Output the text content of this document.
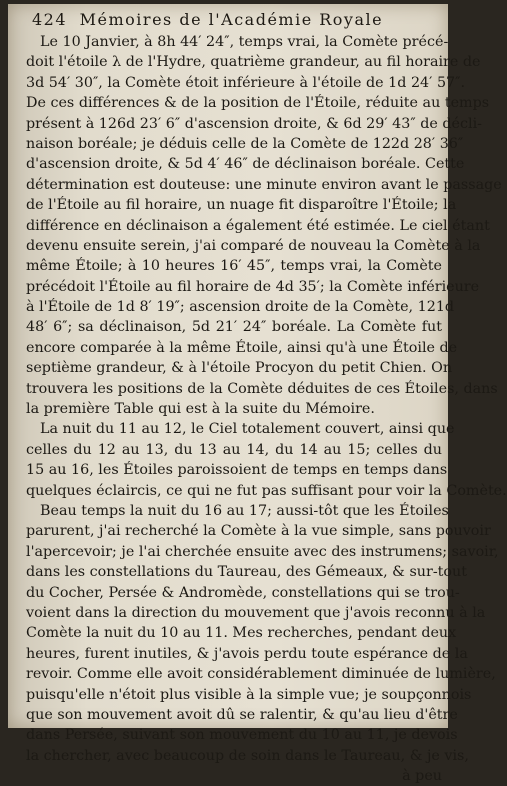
424 Mémoires de l'Académie Royale
Le 10 Janvier, à 8h 44′ 24″, temps vrai, la Comète précé-
doit l'étoile λ de l'Hydre, quatrième grandeur, au fil horaire de
3d 54′ 30″, la Comète étoit inférieure à l'étoile de 1d 24′ 57″.
De ces différences & de la position de l'Étoile, réduite au temps
présent à 126d 23′ 6″ d'ascension droite, & 6d 29′ 43″ de décli-
naison boréale; je déduis celle de la Comète de 122d 28′ 36″
d'ascension droite, & 5d 4′ 46″ de déclinaison boréale. Cette
détermination est douteuse: une minute environ avant le passage
de l'Étoile au fil horaire, un nuage fit disparoître l'Étoile; la
différence en déclinaison a également été estimée. Le ciel étant
devenu ensuite serein, j'ai comparé de nouveau la Comète à la
même Étoile; à 10 heures 16′ 45″, temps vrai, la Comète
précédoit l'Étoile au fil horaire de 4d 35′; la Comète inférieure
à l'Étoile de 1d 8′ 19″; ascension droite de la Comète, 121d
48′ 6″; sa déclinaison, 5d 21′ 24″ boréale. La Comète fut
encore comparée à la même Étoile, ainsi qu'à une Étoile de
septième grandeur, & à l'étoile Procyon du petit Chien. On
trouvera les positions de la Comète déduites de ces Étoiles, dans
la première Table qui est à la suite du Mémoire.
La nuit du 11 au 12, le Ciel totalement couvert, ainsi que
celles du 12 au 13, du 13 au 14, du 14 au 15; celles du
15 au 16, les Étoiles paroissoient de temps en temps dans
quelques éclaircis, ce qui ne fut pas suffisant pour voir la Comète.
Beau temps la nuit du 16 au 17; aussi-tôt que les Étoiles
parurent, j'ai recherché la Comète à la vue simple, sans pouvoir
l'apercevoir; je l'ai cherchée ensuite avec des instrumens; savoir,
dans les constellations du Taureau, des Gémeaux, & sur-tout
du Cocher, Persée & Andromède, constellations qui se trou-
voient dans la direction du mouvement que j'avois reconnu à la
Comète la nuit du 10 au 11. Mes recherches, pendant deux
heures, furent inutiles, & j'avois perdu toute espérance de la
revoir. Comme elle avoit considérablement diminuée de lumière,
puisqu'elle n'étoit plus visible à la simple vue; je soupçonnois
que son mouvement avoit dû se ralentir, & qu'au lieu d'être
dans Persée, suivant son mouvement du 10 au 11, je devois
la chercher, avec beaucoup de soin dans le Taureau, & je vis,
à peu
